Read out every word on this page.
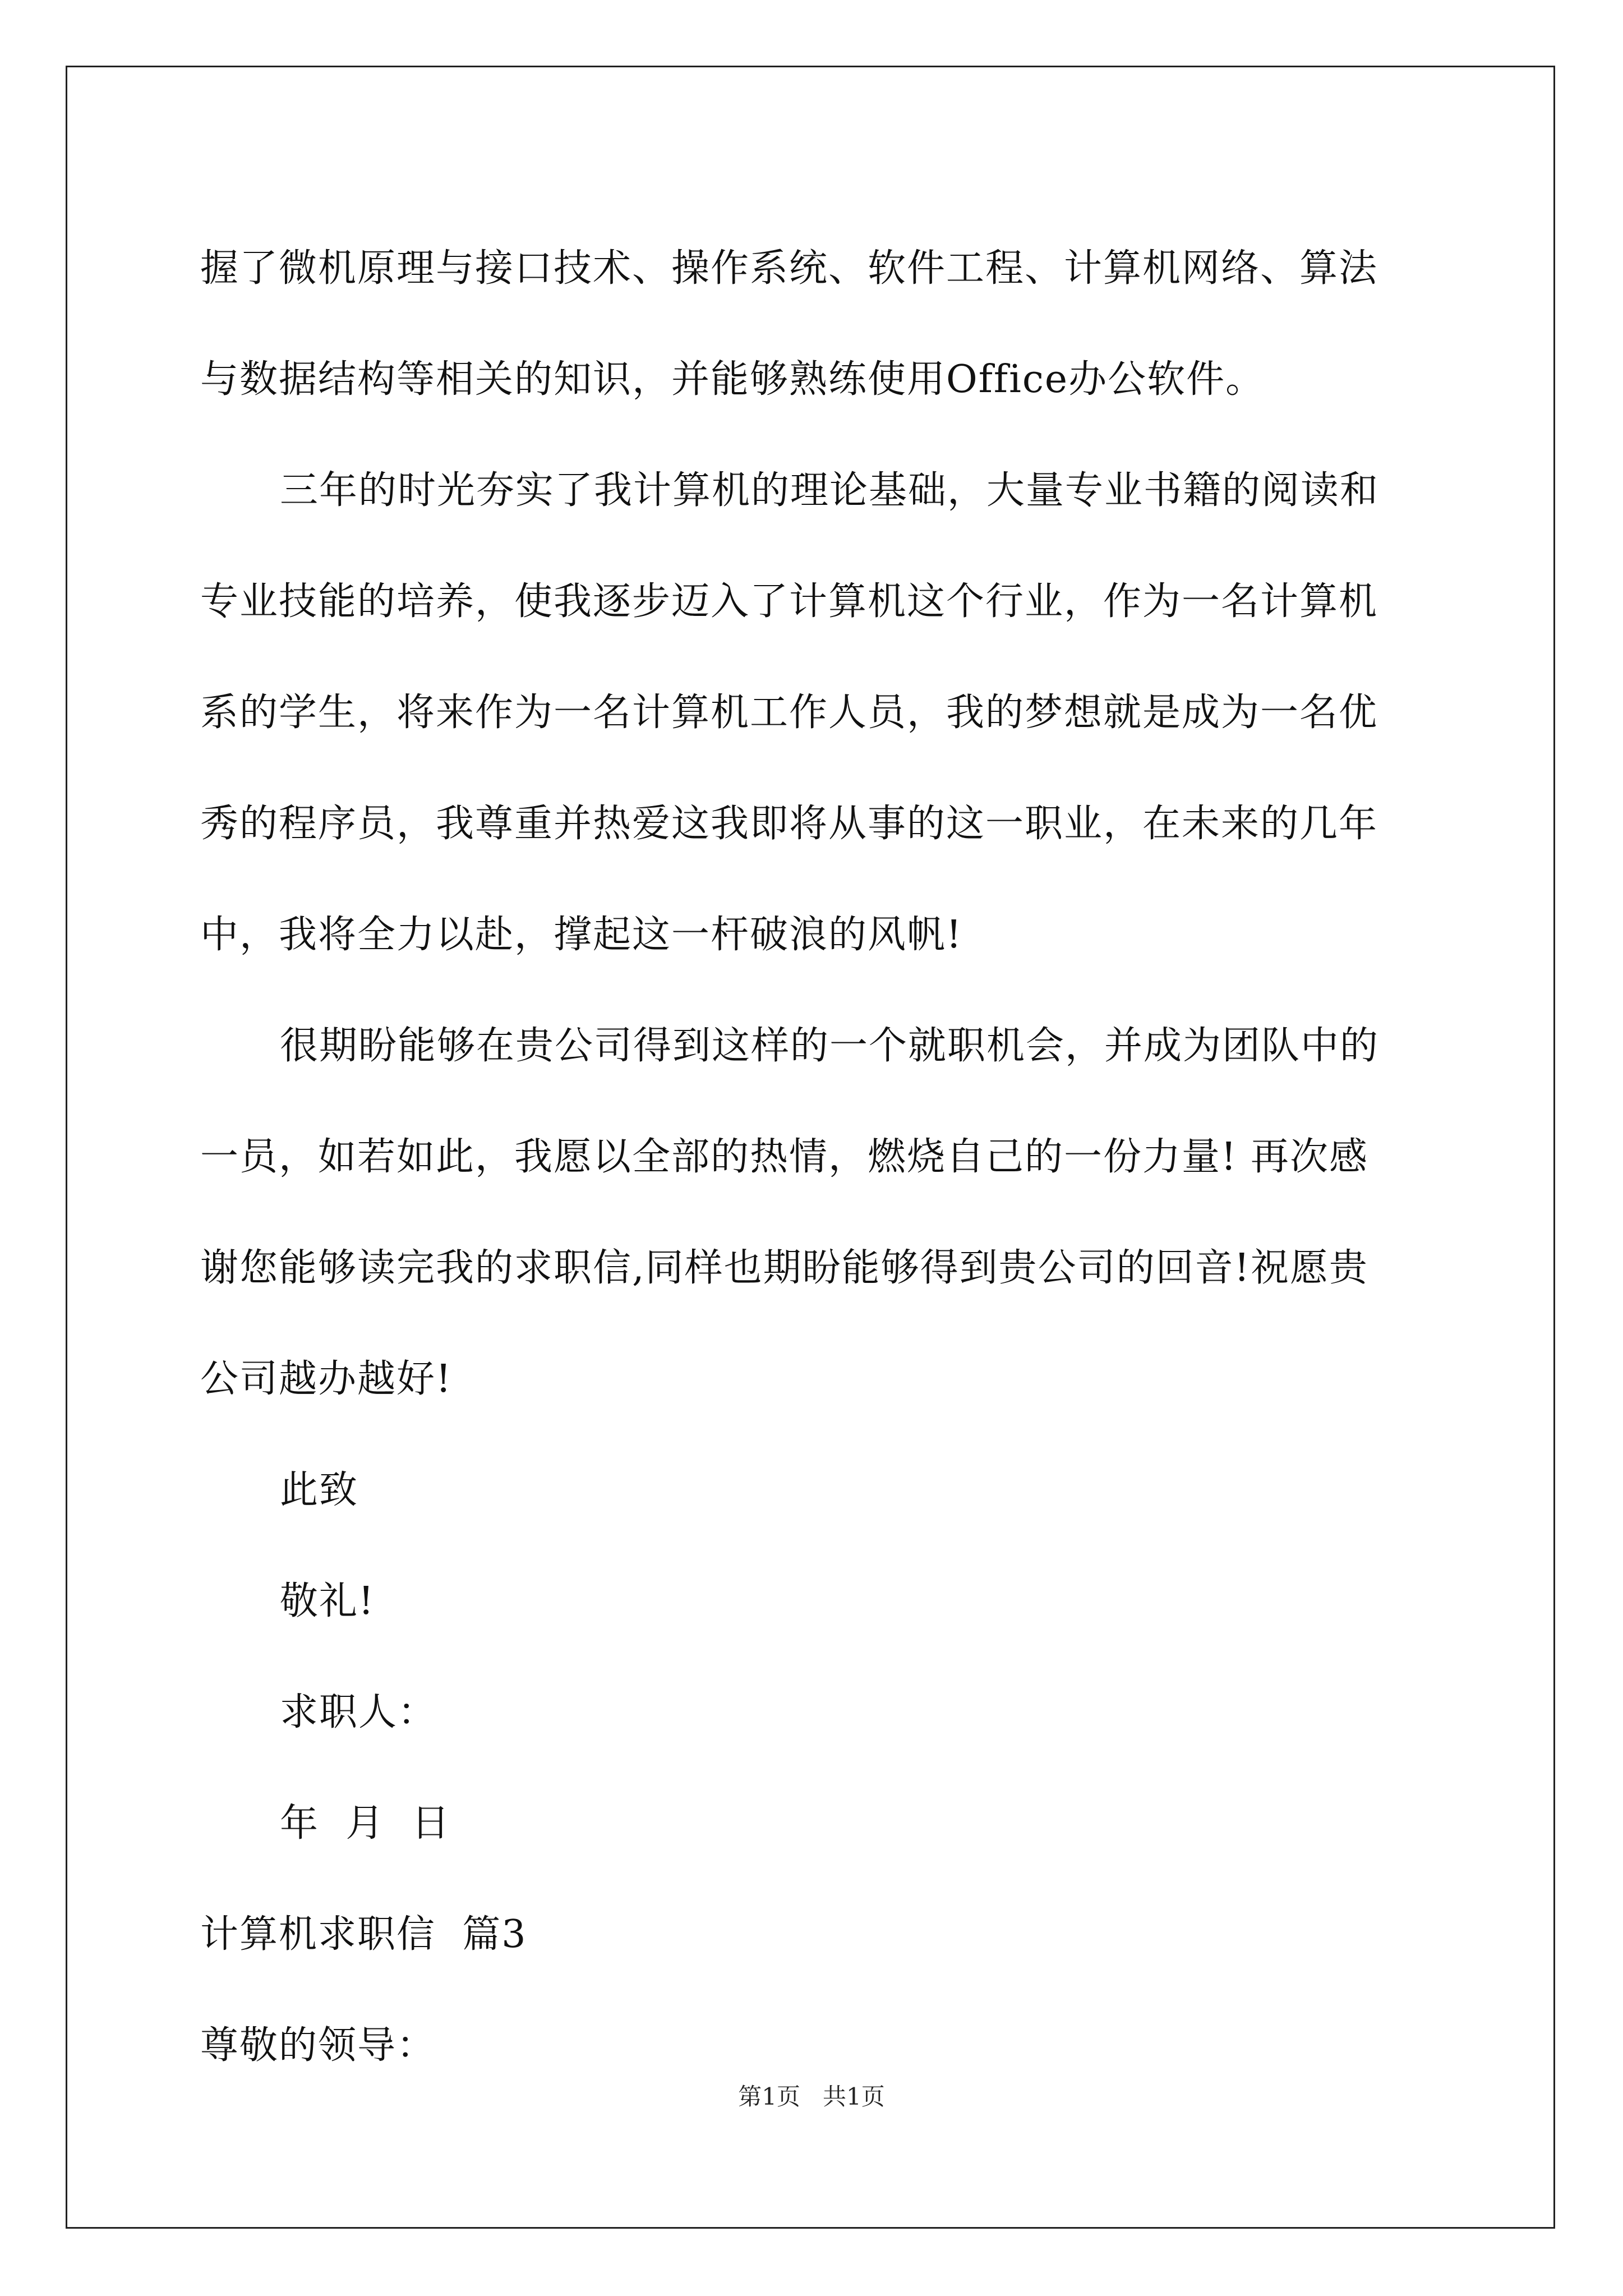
握了微机原理与接口技术、操作系统、软件工程、计算机网络、算法
与数据结构等相关的知识，并能够熟练使用Office办公软件。
三年的时光夯实了我计算机的理论基础，大量专业书籍的阅读和
专业技能的培养，使我逐步迈入了计算机这个行业，作为一名计算机
系的学生，将来作为一名计算机工作人员，我的梦想就是成为一名优
秀的程序员，我尊重并热爱这我即将从事的这一职业，在未来的几年
中，我将全力以赴，撑起这一杆破浪的风帆!
很期盼能够在贵公司得到这样的一个就职机会，并成为团队中的
一员，如若如此，我愿以全部的热情，燃烧自己的一份力量! 再次感
谢您能够读完我的求职信,同样也期盼能够得到贵公司的回音!祝愿贵
公司越办越好!
此致
敬礼!
求职人：
年  月  日
计算机求职信  篇3
尊敬的领导：
第1页 共1页
